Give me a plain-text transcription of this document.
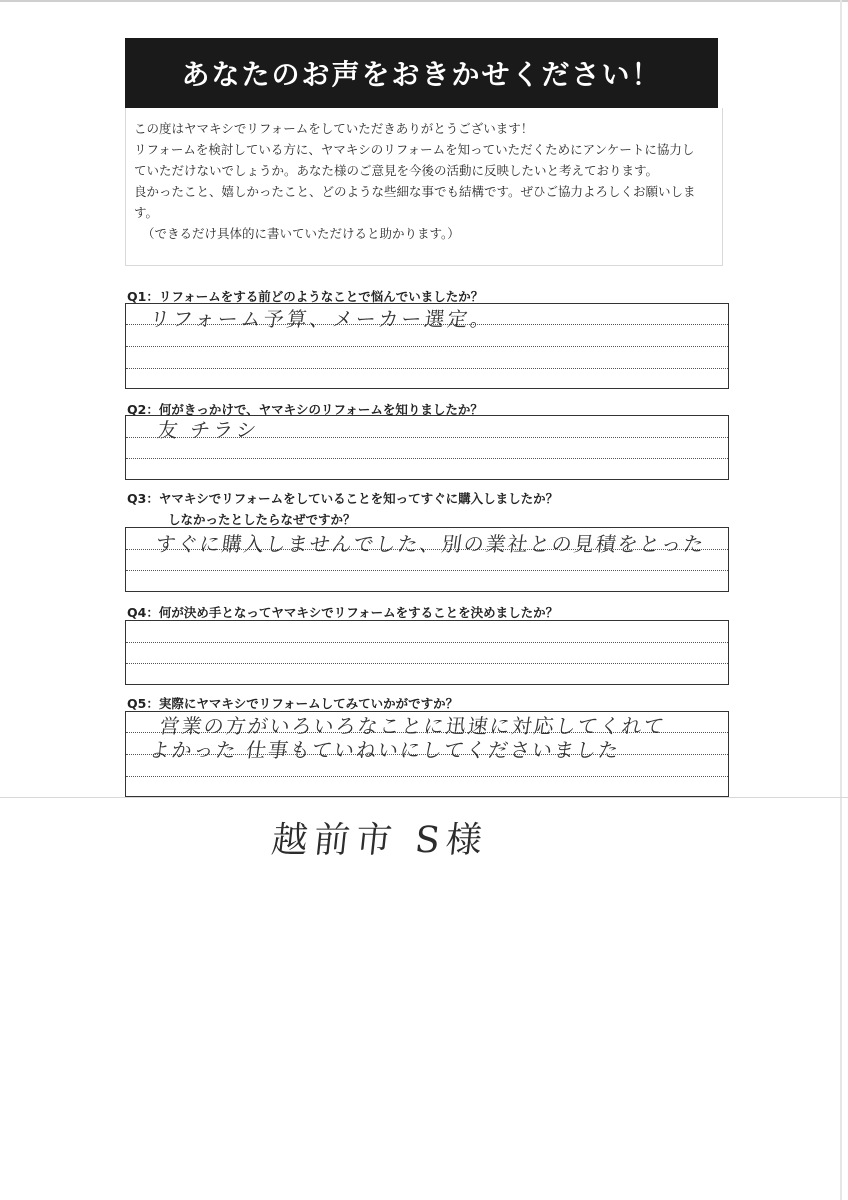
あなたのお声をおきかせください！

この度はヤマキシでリフォームをしていただきありがとうございます！

リフォームを検討している方に、ヤマキシのリフォームを知っていただくためにアンケートに協力し

ていただけないでしょうか。あなた様のご意見を今後の活動に反映したいと考えております。

良かったこと、嬉しかったこと、どのような些細な事でも結構です。ぜひご協力よろしくお願いしま

す。

（できるだけ具体的に書いていただけると助かります。）

Q1：リフォームをする前どのようなことで悩んでいましたか？
リフォーム予算、メーカー選定。
Q2：何がきっかけで、ヤマキシのリフォームを知りましたか？
友 チラシ
Q3：ヤマキシでリフォームをしていることを知ってすぐに購入しましたか？
しなかったとしたらなぜですか？
すぐに購入しませんでした、別の業社との見積をとった
Q4：何が決め手となってヤマキシでリフォームをすることを決めましたか？
Q5：実際にヤマキシでリフォームしてみていかがですか？
営業の方がいろいろなことに迅速に対応してくれて
よかった 仕事もていねいにしてくださいました
越前市 S様
